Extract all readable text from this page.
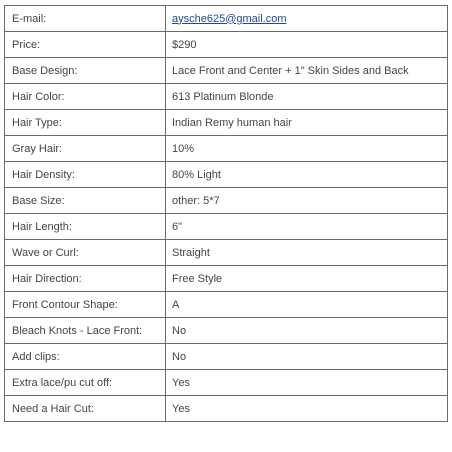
E-mail:	aysche625@gmail.com
Price:	$290
Base Design:	Lace Front and Center + 1" Skin Sides and Back
Hair Color:	613 Platinum Blonde
Hair Type:	Indian Remy human hair
Gray Hair:	10%
Hair Density:	80% Light
Base Size:	other: 5*7
Hair Length:	6"
Wave or Curl:	Straight
Hair Direction:	Free Style
Front Contour Shape:	A
Bleach Knots - Lace Front:	No
Add clips:	No
Extra lace/pu cut off:	Yes
Need a Hair Cut:	Yes
